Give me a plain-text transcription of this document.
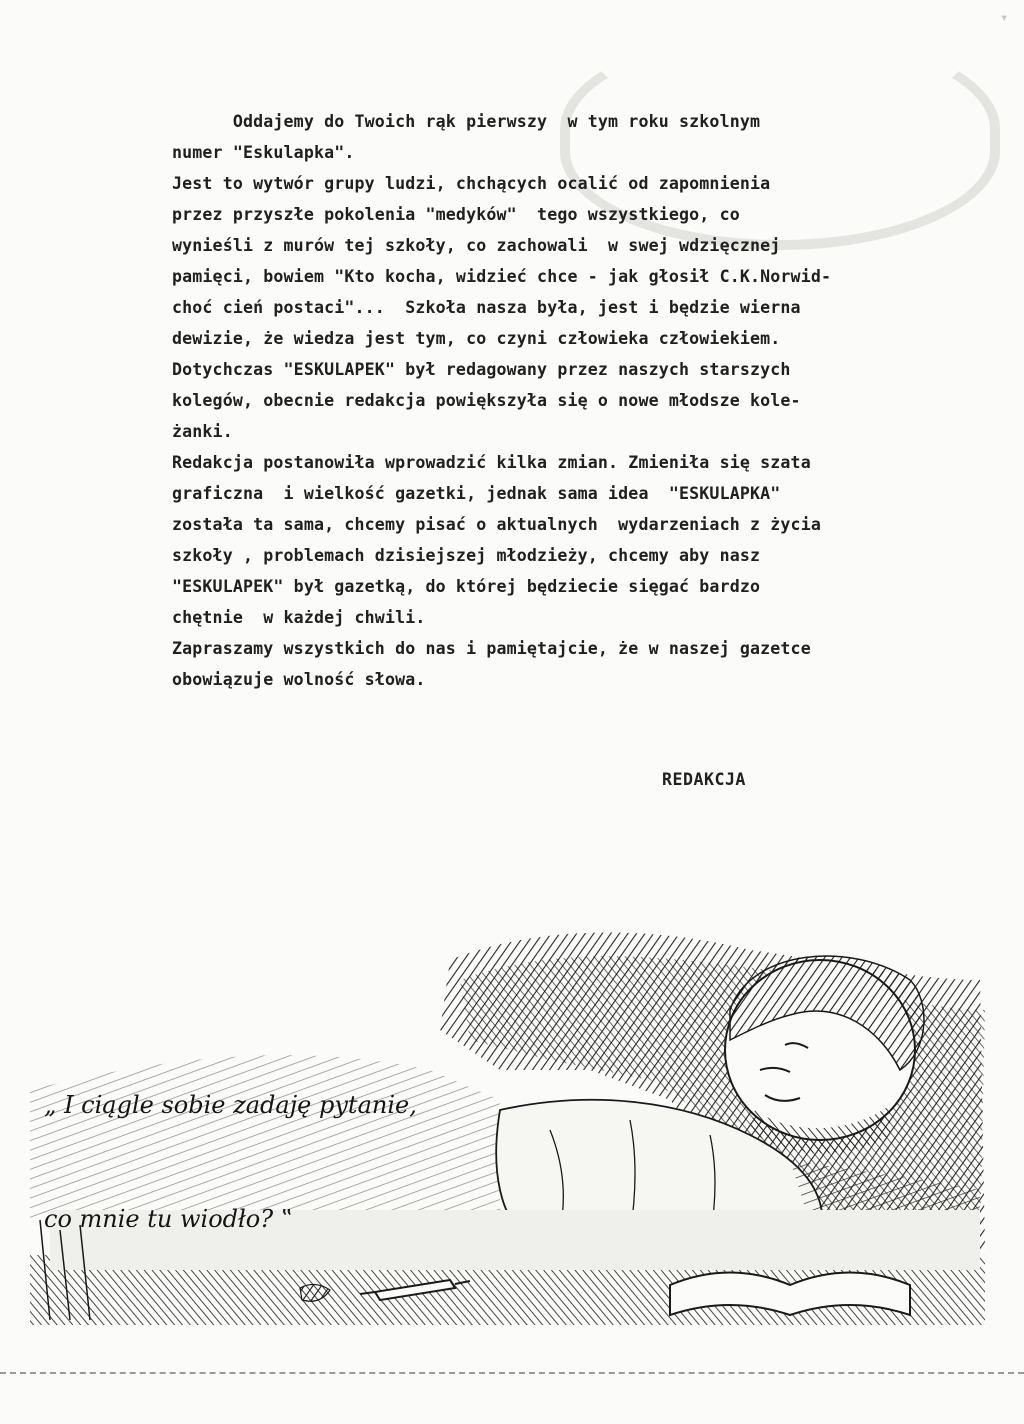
Oddajemy do Twoich rąk pierwszy  w tym roku szkolnym

numer "Eskulapka".

Jest to wytwór grupy ludzi, chchących ocalić od zapomnienia

przez przyszłe pokolenia "medyków"  tego wszystkiego, co

wynieśli z murów tej szkoły, co zachowali  w swej wdzięcznej

pamięci, bowiem "Kto kocha, widzieć chce - jak głosił C.K.Norwid-

choć cień postaci"...  Szkoła nasza była, jest i będzie wierna

dewizie, że wiedza jest tym, co czyni człowieka człowiekiem.

Dotychczas "ESKULAPEK" był redagowany przez naszych starszych

kolegów, obecnie redakcja powiększyła się o nowe młodsze kole-

żanki.

Redakcja postanowiła wprowadzić kilka zmian. Zmieniła się szata

graficzna  i wielkość gazetki, jednak sama idea  "ESKULAPKA"

została ta sama, chcemy pisać o aktualnych  wydarzeniach z życia

szkoły , problemach dzisiejszej młodzieży, chcemy aby nasz

"ESKULAPEK" był gazetką, do której będziecie sięgać bardzo

chętnie  w każdej chwili.

Zapraszamy wszystkich do nas i pamiętajcie, że w naszej gazetce

obowiązuje wolność słowa.

REDAKCJA

„ I ciągle sobie zadaję pytanie,

co mnie tu wiodło? ‟

▾
